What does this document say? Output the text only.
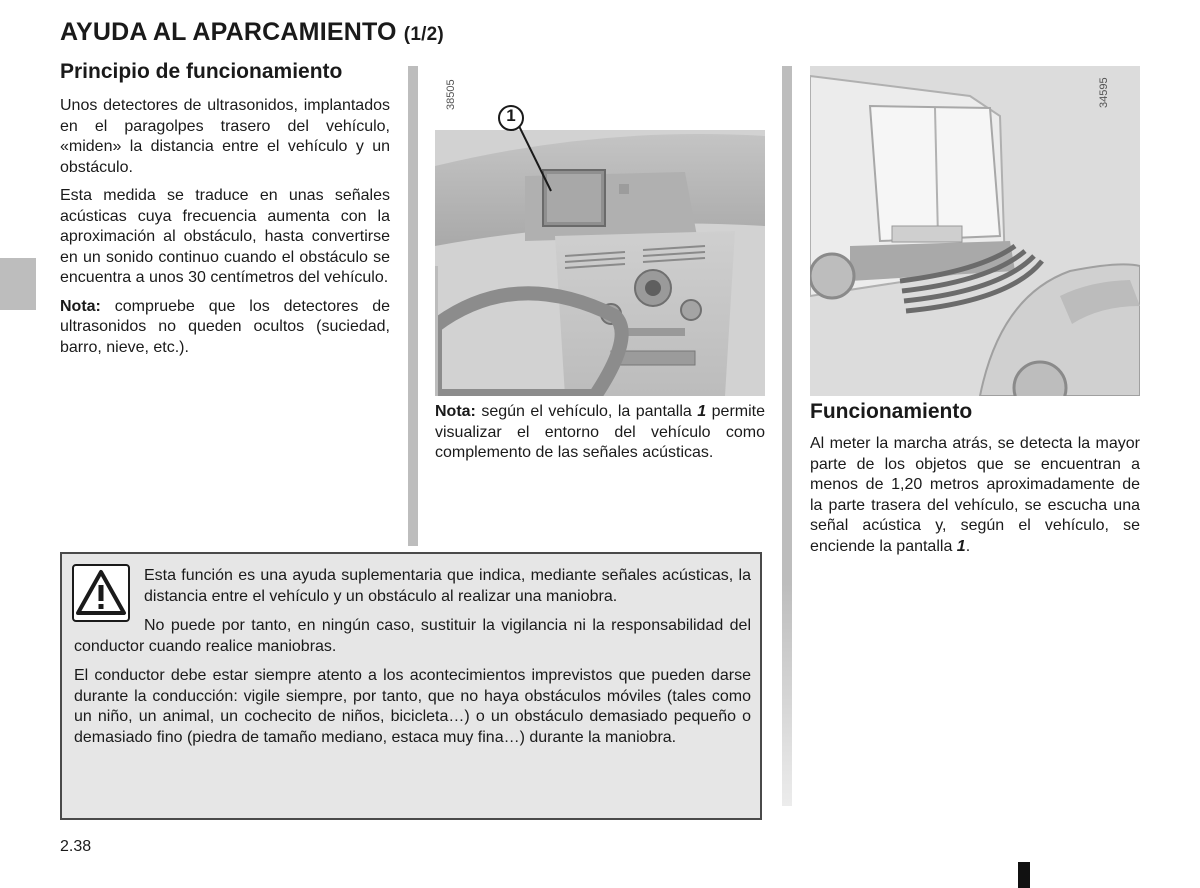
AYUDA AL APARCAMIENTO (1/2)
Principio de funcionamiento

Unos detectores de ultrasonidos, implantados en el paragolpes trasero del vehículo, «miden» la distancia entre el vehículo y un obstáculo.

Esta medida se traduce en unas señales acústicas cuya frecuencia aumenta con la aproximación al obstáculo, hasta convertirse en un sonido continuo cuando el obstáculo se encuentra a unos 30 centímetros del vehículo.

Nota: compruebe que los detectores de ultrasonidos no queden ocultos (suciedad, barro, nieve, etc.).

38505
1

Nota: según el vehículo, la pantalla 1 permite visualizar el entorno del vehículo como complemento de las señales acústicas.

34595
Funcionamiento

Al meter la marcha atrás, se detecta la mayor parte de los objetos que se encuentran a menos de 1,20 metros aproximadamente de la parte trasera del vehículo, se escucha una señal acústica y, según el vehículo, se enciende la pantalla 1.

Esta función es una ayuda suplementaria que indica, mediante señales acústicas, la distancia entre el vehículo y un obstáculo al realizar una maniobra.

No puede por tanto, en ningún caso, sustituir la vigilancia ni la responsabilidad del conductor cuando realice maniobras.

El conductor debe estar siempre atento a los acontecimientos imprevistos que pueden darse durante la conducción: vigile siempre, por tanto, que no haya obstáculos móviles (tales como un niño, un animal, un cochecito de niños, bicicleta…) o un obstáculo demasiado pequeño o demasiado fino (piedra de tamaño mediano, estaca muy fina…) durante la maniobra.

2.38
